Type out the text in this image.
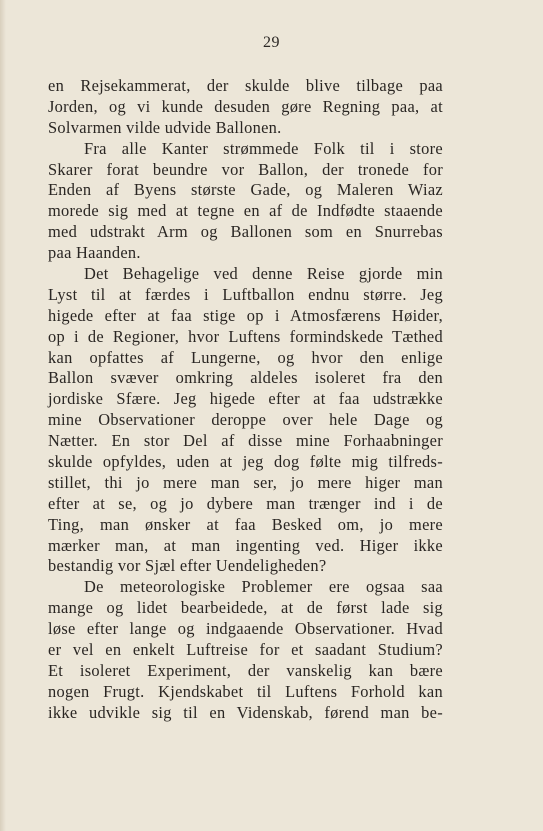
29
en Rejsekammerat, der skulde blive tilbage paa
Jorden, og vi kunde desuden gøre Regning paa, at
Solvarmen vilde udvide Ballonen.
Fra alle Kanter strømmede Folk til i store
Skarer forat beundre vor Ballon, der tronede for
Enden af Byens største Gade, og Maleren Wiaz
morede sig med at tegne en af de Indfødte staaende
med udstrakt Arm og Ballonen som en Snurrebas
paa Haanden.
Det Behagelige ved denne Reise gjorde min
Lyst til at færdes i Luftballon endnu større. Jeg
higede efter at faa stige op i Atmosfærens Høider,
op i de Regioner, hvor Luftens formindskede Tæthed
kan opfattes af Lungerne, og hvor den enlige
Ballon svæver omkring aldeles isoleret fra den
jordiske Sfære. Jeg higede efter at faa udstrække
mine Observationer deroppe over hele Dage og
Nætter. En stor Del af disse mine Forhaabninger
skulde opfyldes, uden at jeg dog følte mig tilfreds-
stillet, thi jo mere man ser, jo mere higer man
efter at se, og jo dybere man trænger ind i de
Ting, man ønsker at faa Besked om, jo mere
mærker man, at man ingenting ved. Higer ikke
bestandig vor Sjæl efter Uendeligheden?
De meteorologiske Problemer ere ogsaa saa
mange og lidet bearbeidede, at de først lade sig
løse efter lange og indgaaende Observationer. Hvad
er vel en enkelt Luftreise for et saadant Studium?
Et isoleret Experiment, der vanskelig kan bære
nogen Frugt. Kjendskabet til Luftens Forhold kan
ikke udvikle sig til en Videnskab, førend man be-
